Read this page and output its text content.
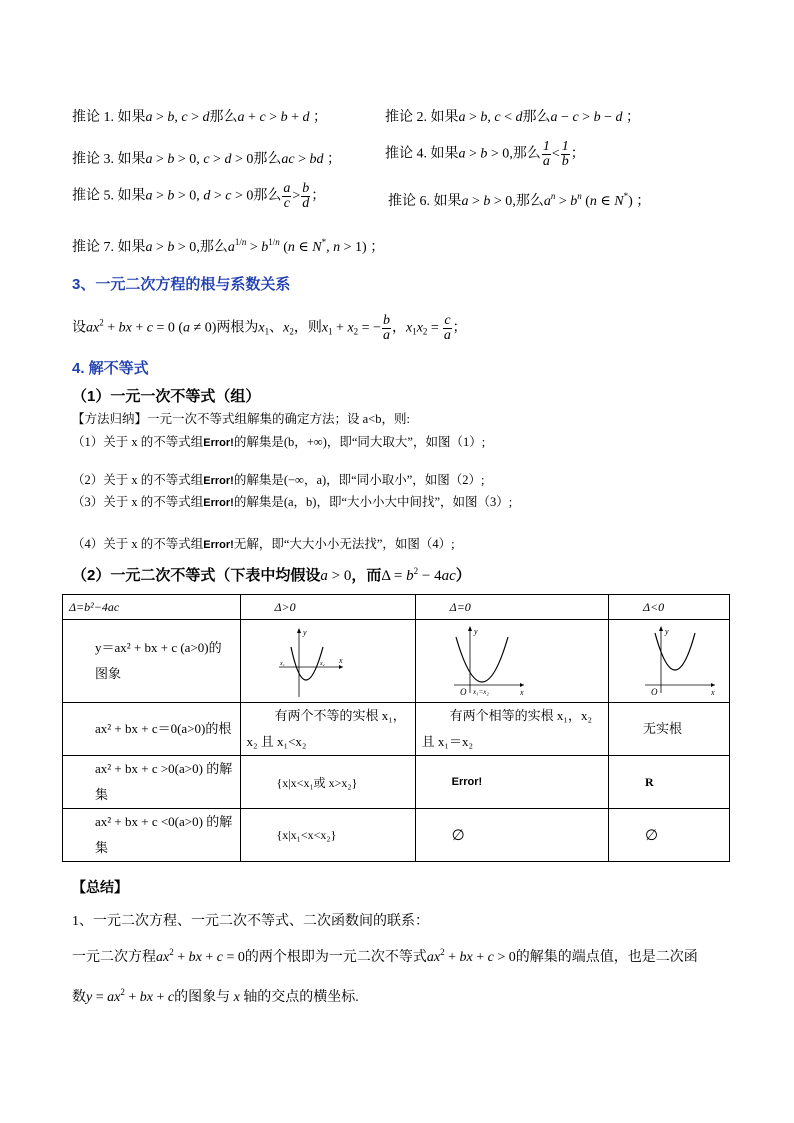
推论 1. 如果a > b, c > d那么a + c > b + d ；	推论 2. 如果a > b, c < d那么a − c > b − d ；
推论 3. 如果a > b > 0, c > d > 0那么ac > bd ；	推论 4. 如果a > b > 0,那么 $\frac{1}{a} < \frac{1}{b}$ ；
推论 5. 如果a > b > 0, d > c > 0那么 $\frac{a}{c} > \frac{b}{d}$ ；	推论 6. 如果a > b > 0,那么$a^n > b^n$ (n ∈ N*) ；
推论 7. 如果a > b > 0,那么$a^{1/n} > b^{1/n}$ (n ∈ N*, n > 1) ；
3、一元二次方程的根与系数关系
设$ax^2$ + bx + c = 0 (a ≠ 0)两根为$x_1$、$x_2$，则$x_1 + x_2$ = − $\frac{b}{a}$ ，$x_1x_2 = \frac{c}{a}$ ；
4. 解不等式
（1）一元一次不等式（组）
【方法归纳】一元一次不等式组解集的确定方法；设 a<b，则:
（1）关于 x 的不等式组Error!的解集是(b，+∞)，即“同大取大”，如图（1）;
（2）关于 x 的不等式组Error!的解集是(−∞，a)，即“同小取小”，如图（2）;
（3）关于 x 的不等式组Error!的解集是(a，b)，即“大小小大中间找”，如图（3）;
（4）关于 x 的不等式组Error!无解，即“大大小小无法找”，如图（4）;
（2）一元二次不等式（下表中均假设a > 0，而$\Delta = b^2 - 4ac$）
Δ=b²−4ac	Δ>0	Δ=0	Δ<0

y＝ax² + bx + c (a>0)的图象	y
x
x₁ x₂	y
x
O x₁=x₂	y
x
O

ax² + bx + c＝0(a>0)的根	有两个不等的实根 x₁，x₂ 且 x₁<x₂	有两个相等的实根 x₁，x₂ 且 x₁＝x₂	无实根

ax² + bx + c >0(a>0) 的解集	{x|x<x₁或 x>x₂}	Error!	R

ax² + bx + c <0(a>0) 的解集	{x|x₁<x<x₂}	∅	∅
【总结】
1、一元二次方程、一元二次不等式、二次函数间的联系：
一元二次方程$ax^2$ + bx + c = 0的两个根即为一元二次不等式$ax^2$ + bx + c > 0的解集的端点值，也是二次函
数$y = ax^2$ + bx + c的图象与 x 轴的交点的横坐标.
